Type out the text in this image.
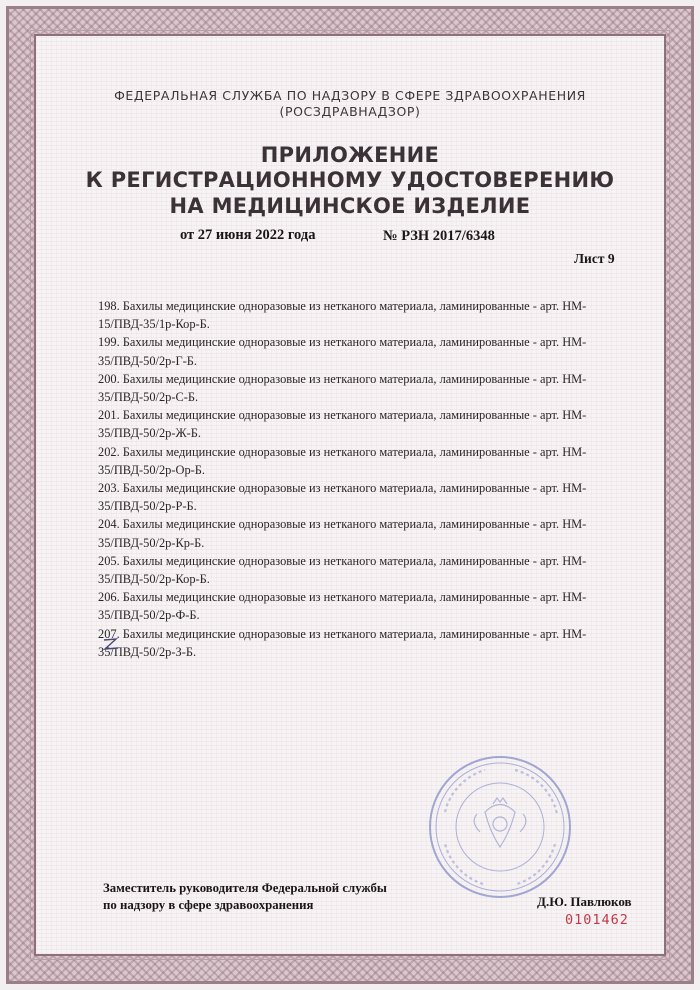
ФЕДЕРАЛЬНАЯ СЛУЖБА ПО НАДЗОРУ В СФЕРЕ ЗДРАВООХРАНЕНИЯ
(РОСЗДРАВНАДЗОР)
ПРИЛОЖЕНИЕ
К РЕГИСТРАЦИОННОМУ УДОСТОВЕРЕНИЮ
НА МЕДИЦИНСКОЕ ИЗДЕЛИЕ
от 27 июня 2022 года	№ РЗН 2017/6348
Лист 9

198. Бахилы медицинские одноразовые из нетканого материала, ламинированные - арт. НМ-
15/ПВД-35/1р-Кор-Б.

199. Бахилы медицинские одноразовые из нетканого материала, ламинированные - арт. НМ-
35/ПВД-50/2р-Г-Б.

200. Бахилы медицинские одноразовые из нетканого материала, ламинированные - арт. НМ-
35/ПВД-50/2р-С-Б.

201. Бахилы медицинские одноразовые из нетканого материала, ламинированные - арт. НМ-
35/ПВД-50/2р-Ж-Б.

202. Бахилы медицинские одноразовые из нетканого материала, ламинированные - арт. НМ-
35/ПВД-50/2р-Ор-Б.

203. Бахилы медицинские одноразовые из нетканого материала, ламинированные - арт. НМ-
35/ПВД-50/2р-Р-Б.

204. Бахилы медицинские одноразовые из нетканого материала, ламинированные - арт. НМ-
35/ПВД-50/2р-Кр-Б.

205. Бахилы медицинские одноразовые из нетканого материала, ламинированные - арт. НМ-
35/ПВД-50/2р-Кор-Б.

206. Бахилы медицинские одноразовые из нетканого материала, ламинированные - арт. НМ-
35/ПВД-50/2р-Ф-Б.

207. Бахилы медицинские одноразовые из нетканого материала, ламинированные - арт. НМ-
35/ПВД-50/2р-З-Б.

Заместитель руководителя Федеральной службы
по надзору в сфере здравоохранения	Д.Ю. Павлюков
0101462
